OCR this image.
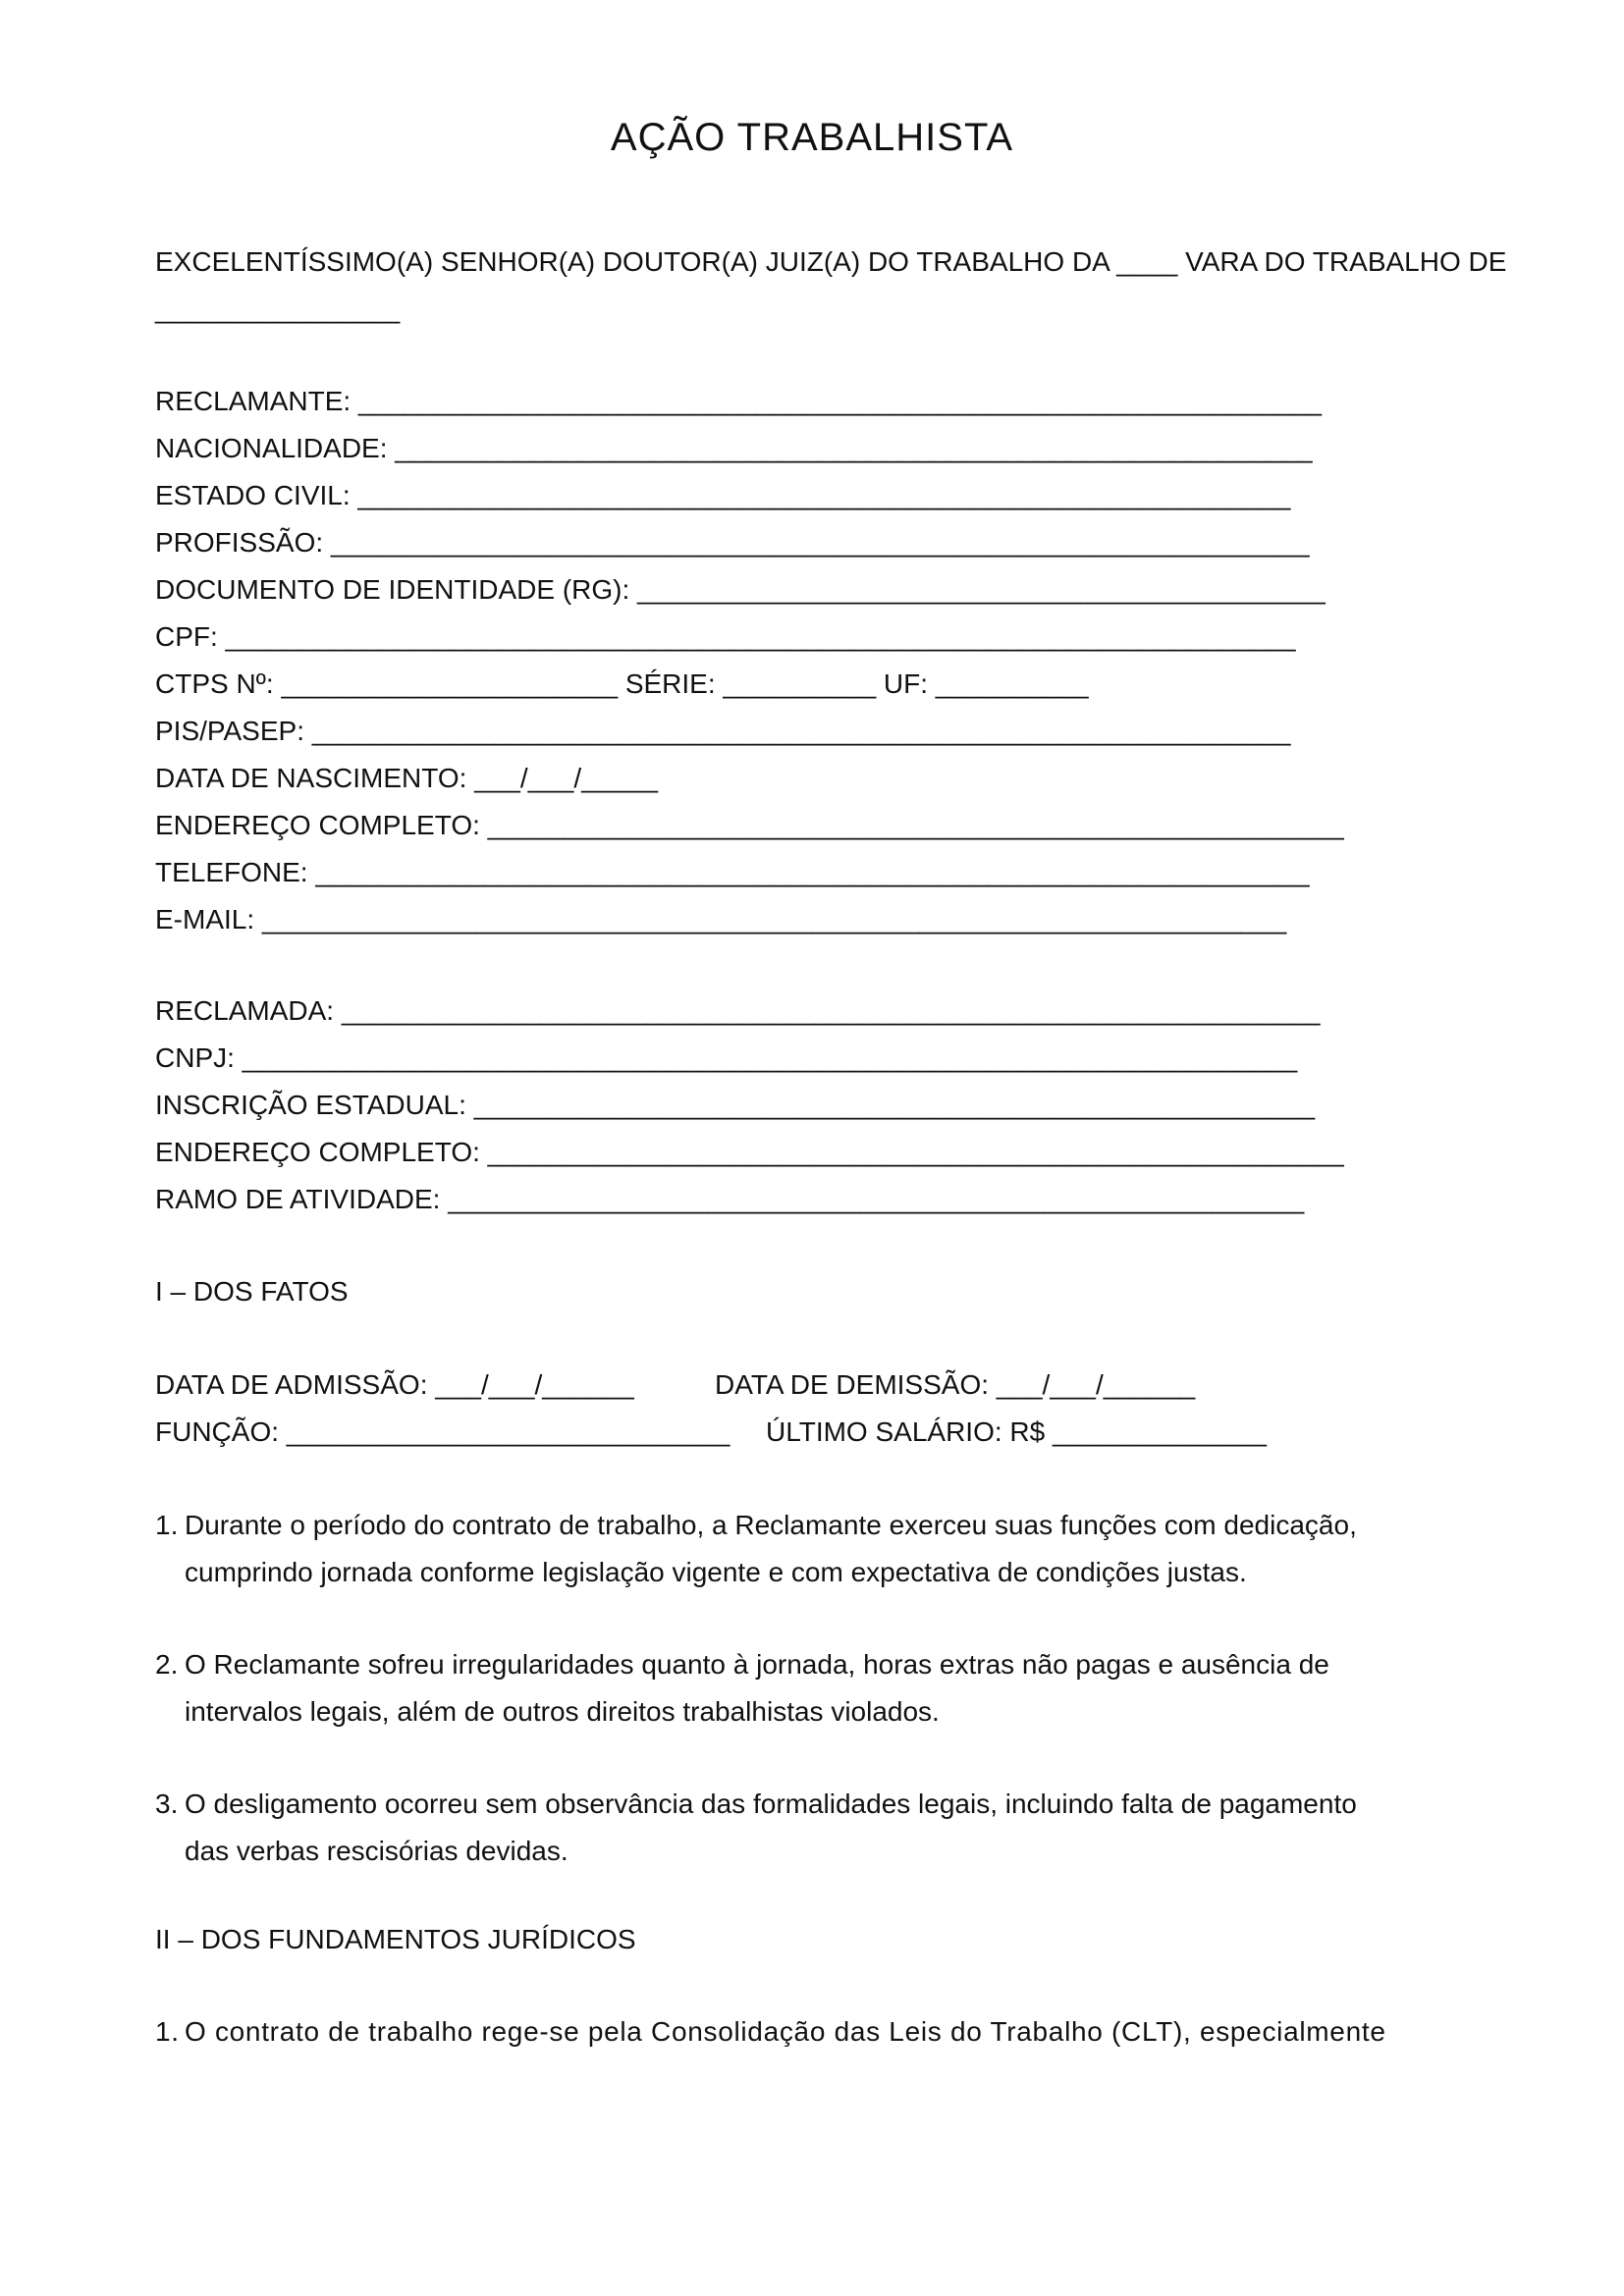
AÇÃO TRABALHISTA
EXCELENTÍSSIMO(A) SENHOR(A) DOUTOR(A) JUIZ(A) DO TRABALHO DA ____ VARA DO TRABALHO DE
________________
RECLAMANTE: _______________________________________________________________
NACIONALIDADE: ____________________________________________________________
ESTADO CIVIL: _____________________________________________________________
PROFISSÃO: ________________________________________________________________
DOCUMENTO DE IDENTIDADE (RG): _____________________________________________
CPF: ______________________________________________________________________
CTPS Nº: ______________________ SÉRIE: __________ UF: __________
PIS/PASEP: ________________________________________________________________
DATA DE NASCIMENTO: ___/___/_____
ENDEREÇO COMPLETO: ________________________________________________________
TELEFONE: _________________________________________________________________
E-MAIL: ___________________________________________________________________
RECLAMADA: ________________________________________________________________
CNPJ: _____________________________________________________________________
INSCRIÇÃO ESTADUAL: _______________________________________________________
ENDEREÇO COMPLETO: ________________________________________________________
RAMO DE ATIVIDADE: ________________________________________________________
I – DOS FATOS
DATA DE ADMISSÃO: ___/___/______	DATA DE DEMISSÃO: ___/___/______
FUNÇÃO: _____________________________ ÚLTIMO SALÁRIO: R$ ______________
1. Durante o período do contrato de trabalho, a Reclamante exerceu suas funções com dedicação,
cumprindo jornada conforme legislação vigente e com expectativa de condições justas.
2. O Reclamante sofreu irregularidades quanto à jornada, horas extras não pagas e ausência de
intervalos legais, além de outros direitos trabalhistas violados.
3. O desligamento ocorreu sem observância das formalidades legais, incluindo falta de pagamento
das verbas rescisórias devidas.
II – DOS FUNDAMENTOS JURÍDICOS
1. O contrato de trabalho rege-se pela Consolidação das Leis do Trabalho (CLT), especialmente
